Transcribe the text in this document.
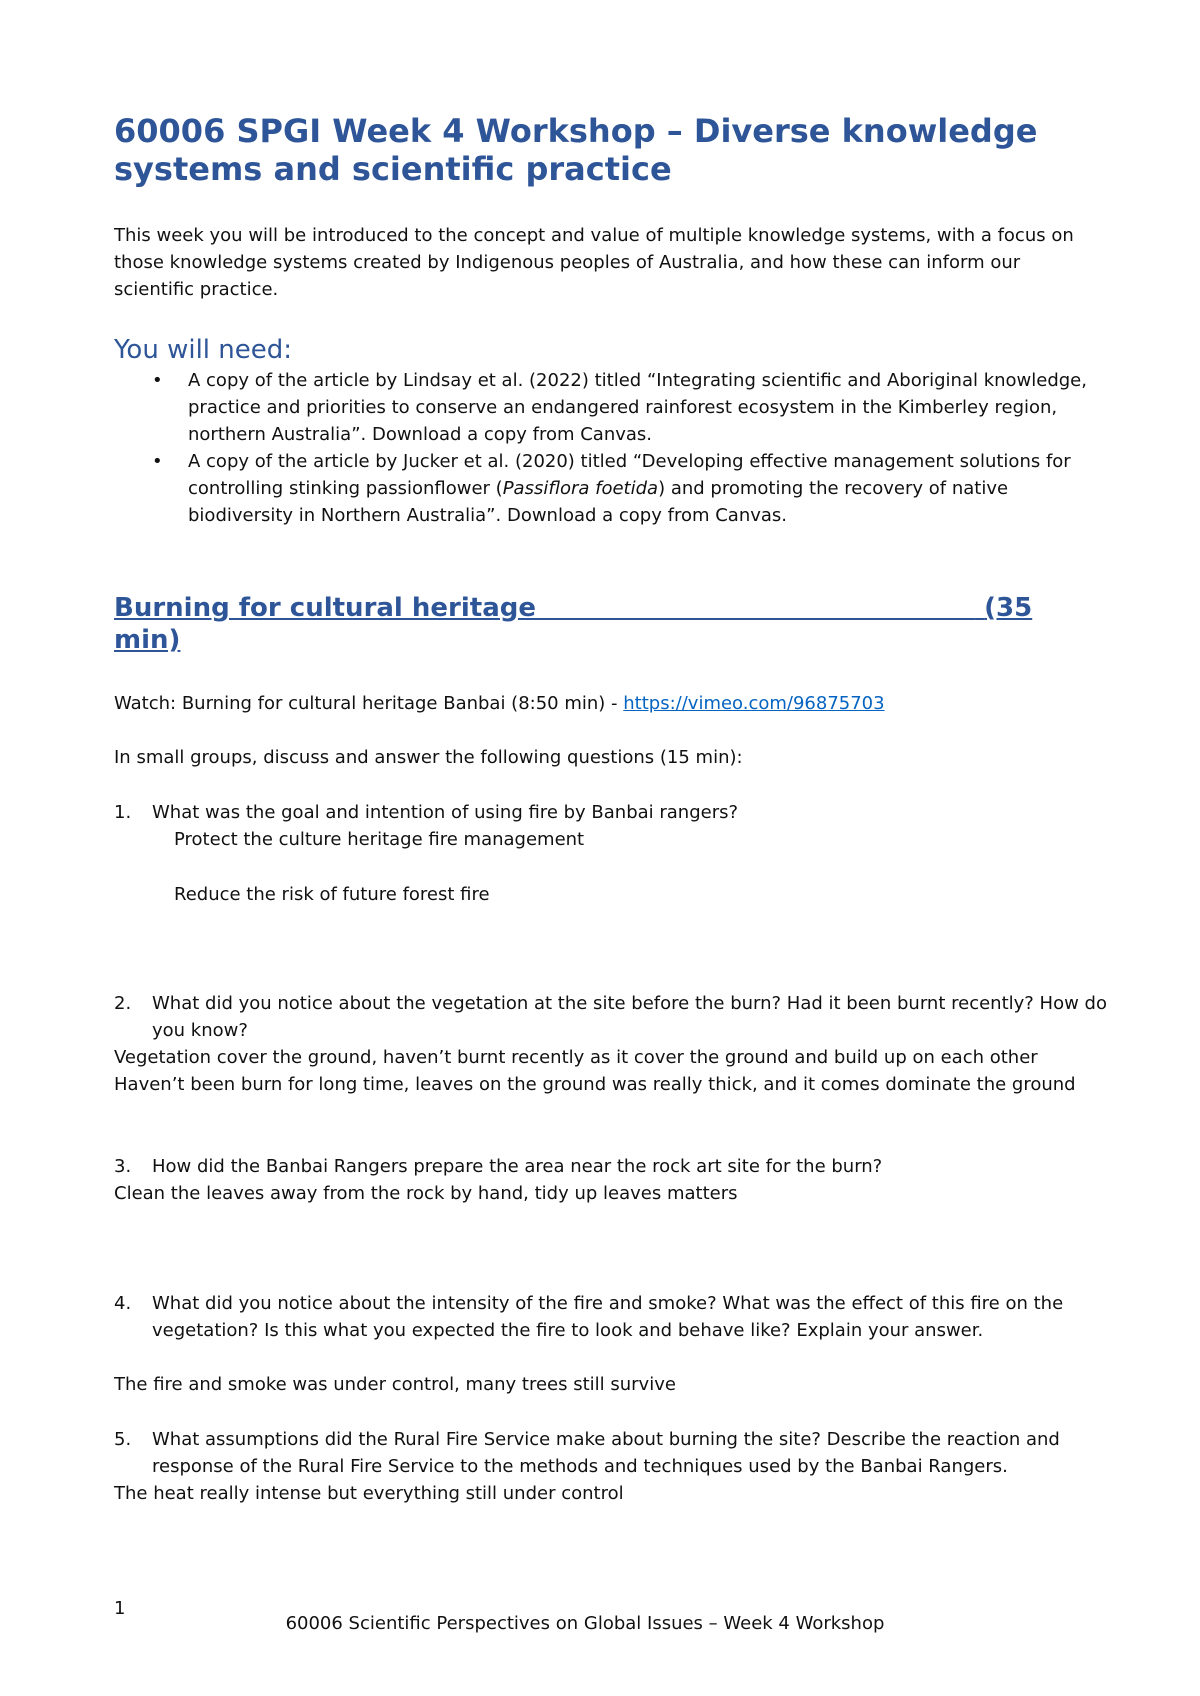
60006 SPGI Week 4 Workshop – Diverse knowledge systems and scientific practice

This week you will be introduced to the concept and value of multiple knowledge systems, with a focus on those knowledge systems created by Indigenous peoples of Australia, and how these can inform our scientific practice.

You will need:
• A copy of the article by Lindsay et al. (2022) titled “Integrating scientific and Aboriginal knowledge, practice and priorities to conserve an endangered rainforest ecosystem in the Kimberley region, northern Australia”. Download a copy from Canvas.
• A copy of the article by Jucker et al. (2020) titled “Developing effective management solutions for controlling stinking passionflower (Passiflora foetida) and promoting the recovery of native biodiversity in Northern Australia”. Download a copy from Canvas.
Burning for cultural heritage	(35 min)

Watch: Burning for cultural heritage Banbai (8:50 min) - https://vimeo.com/96875703

In small groups, discuss and answer the following questions (15 min):

1. What was the goal and intention of using fire by Banbai rangers?

Protect the culture heritage fire management

Reduce the risk of future forest fire

2. What did you notice about the vegetation at the site before the burn? Had it been burnt recently? How do you know?

Vegetation cover the ground, haven’t burnt recently as it cover the ground and build up on each other

Haven’t been burn for long time, leaves on the ground was really thick, and it comes dominate the ground

3. How did the Banbai Rangers prepare the area near the rock art site for the burn?

Clean the leaves away from the rock by hand, tidy up leaves matters

4. What did you notice about the intensity of the fire and smoke? What was the effect of this fire on the vegetation? Is this what you expected the fire to look and behave like? Explain your answer.

The fire and smoke was under control, many trees still survive

5. What assumptions did the Rural Fire Service make about burning the site? Describe the reaction and response of the Rural Fire Service to the methods and techniques used by the Banbai Rangers.

The heat really intense but everything still under control

1
60006 Scientific Perspectives on Global Issues – Week 4 Workshop
